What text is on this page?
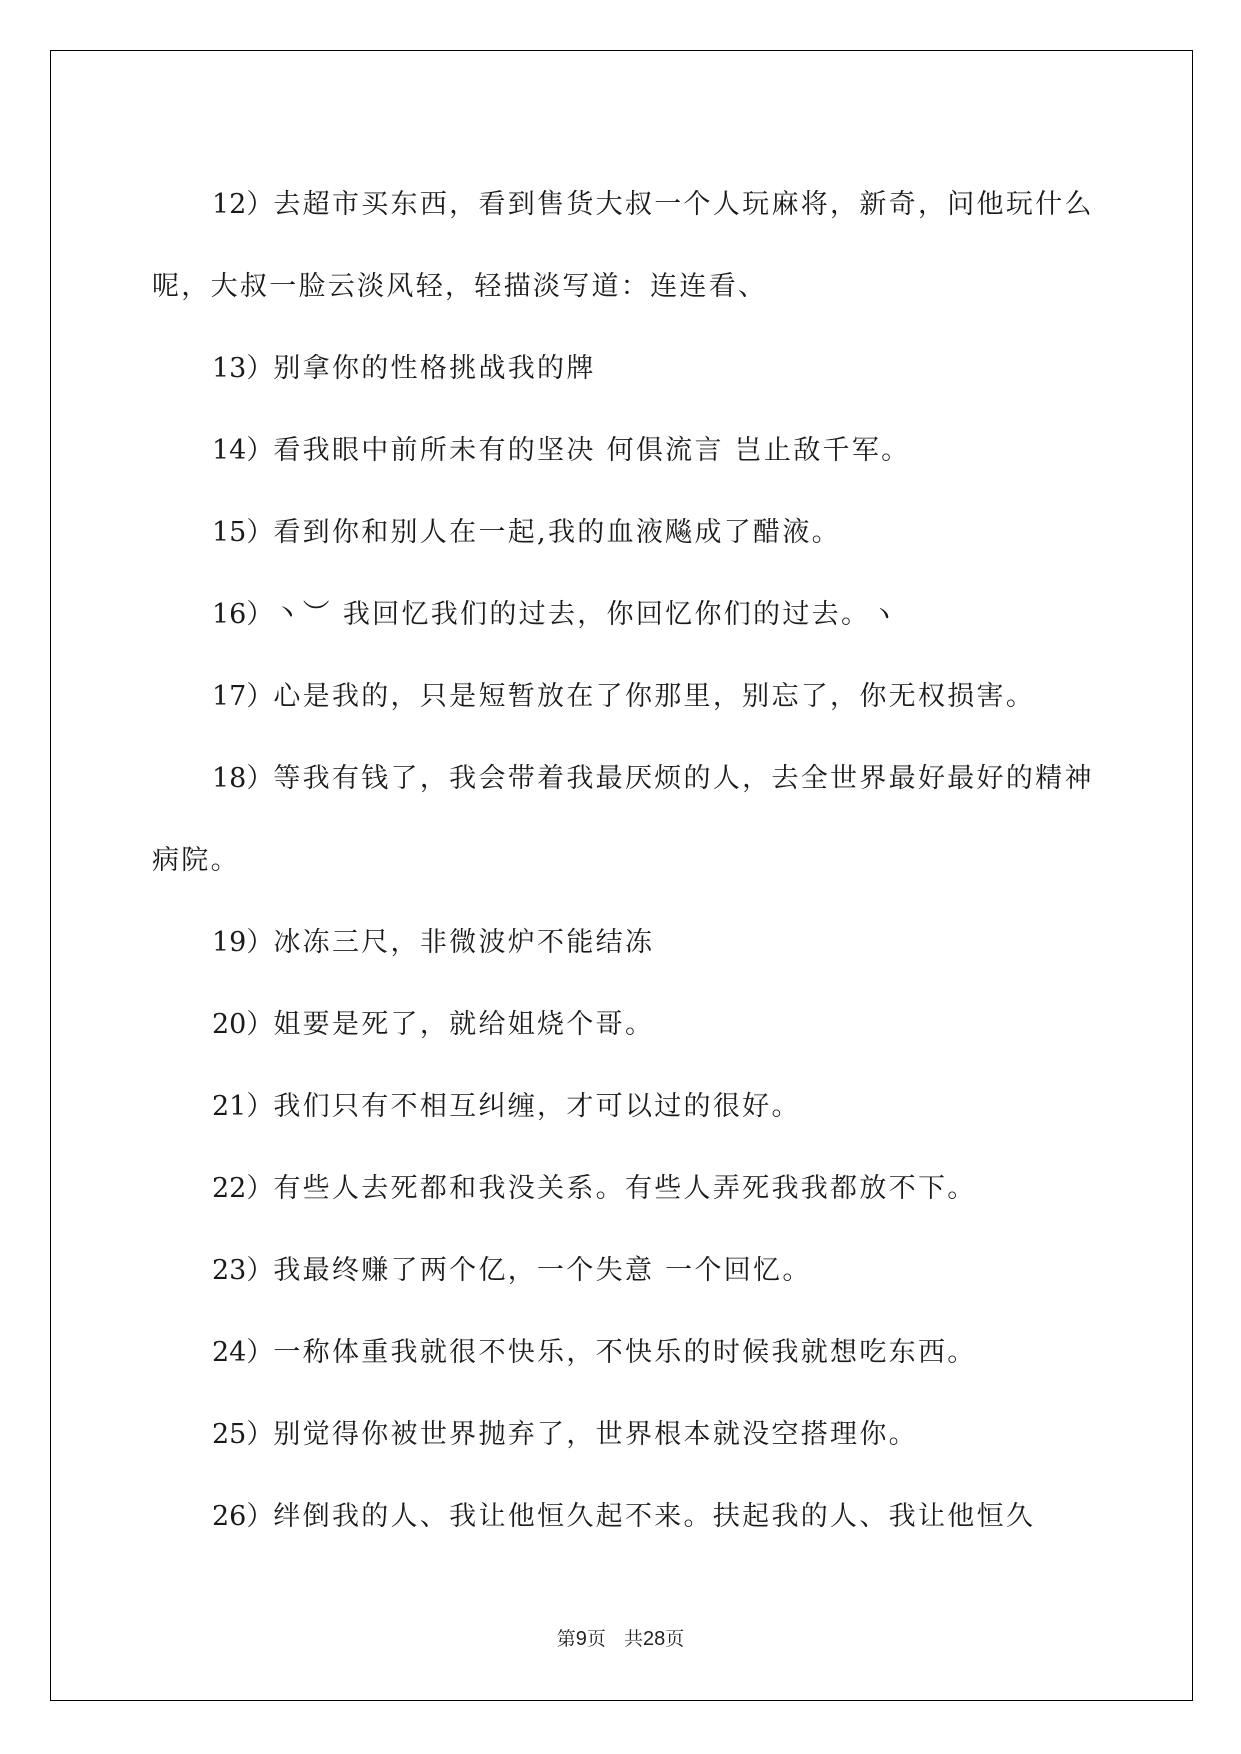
12）去超市买东西，看到售货大叔一个人玩麻将，新奇，问他玩什么呢，大叔一脸云淡风轻，轻描淡写道：连连看、

13）别拿你的性格挑战我的牌

14）看我眼中前所未有的坚决 何俱流言 岂止敌千军。

15）看到你和别人在一起,我的血液飚成了醋液。

16）丶︶ 我回忆我们的过去，你回忆你们的过去。ヽ

17）心是我的，只是短暂放在了你那里，别忘了，你无权损害。

18）等我有钱了，我会带着我最厌烦的人，去全世界最好最好的精神病院。

19）冰冻三尺，非微波炉不能结冻

20）姐要是死了，就给姐烧个哥。

21）我们只有不相互纠缠，才可以过的很好。

22）有些人去死都和我没关系。有些人弄死我我都放不下。

23）我最终赚了两个亿，一个失意 一个回忆。

24）一称体重我就很不快乐，不快乐的时候我就想吃东西。

25）别觉得你被世界抛弃了，世界根本就没空搭理你。

26）绊倒我的人、我让他恒久起不来。扶起我的人、我让他恒久

第9页 共28页
